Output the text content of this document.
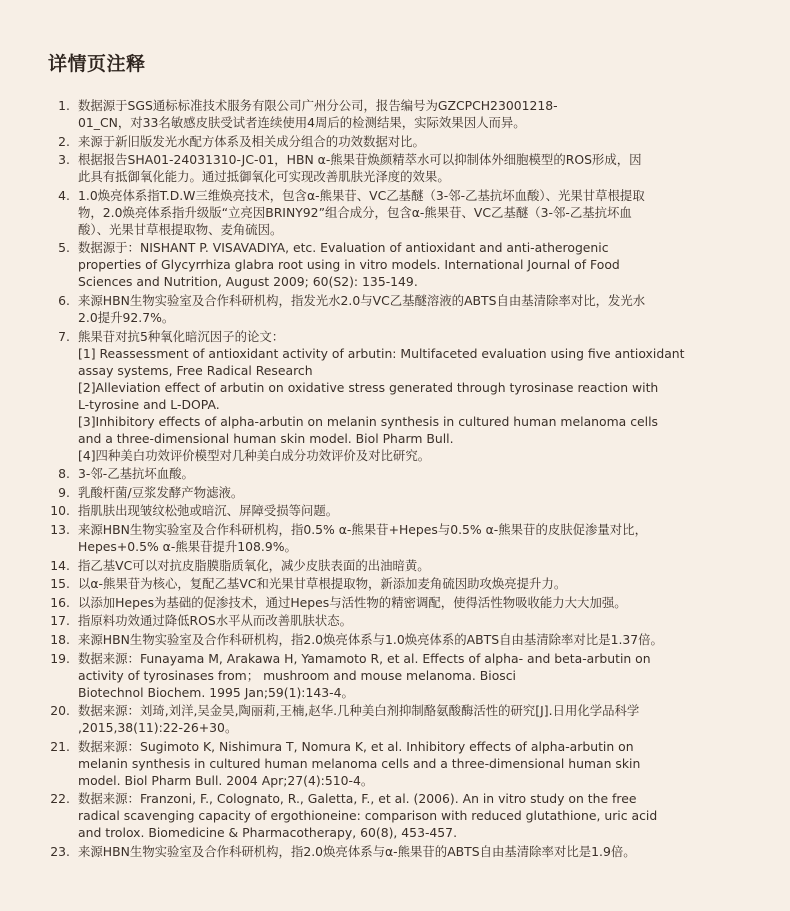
详情页注释
1. 数据源于SGS通标标准技术服务有限公司广州分公司，报告编号为GZCPCH23001218-
01_CN，对33名敏感皮肤受试者连续使用4周后的检测结果，实际效果因人而异。
2. 来源于新旧版发光水配方体系及相关成分组合的功效数据对比。
3. 根据报告SHA01-24031310-JC-01，HBN α-熊果苷焕颜精萃水可以抑制体外细胞模型的ROS形成，因
此具有抵御氧化能力。通过抵御氧化可实现改善肌肤光泽度的效果。
4. 1.0焕亮体系指T.D.W三维焕亮技术，包含α-熊果苷、VC乙基醚（3-邻-乙基抗坏血酸）、光果甘草根提取
物，2.0焕亮体系指升级版“立亮因BRINY92”组合成分，包含α-熊果苷、VC乙基醚（3-邻-乙基抗坏血
酸）、光果甘草根提取物、麦角硫因。
5. 数据源于：NISHANT P. VISAVADIYA, etc. Evaluation of antioxidant and anti-atherogenic
properties of Glycyrrhiza glabra root using in vitro models. International Journal of Food
Sciences and Nutrition, August 2009; 60(S2): 135-149.
6. 来源HBN生物实验室及合作科研机构，指发光水2.0与VC乙基醚溶液的ABTS自由基清除率对比，发光水
2.0提升92.7%。
7. 熊果苷对抗5种氧化暗沉因子的论文：
[1] Reassessment of antioxidant activity of arbutin: Multifaceted evaluation using five antioxidant
assay systems, Free Radical Research
[2]Alleviation effect of arbutin on oxidative stress generated through tyrosinase reaction with
L-tyrosine and L-DOPA.
[3]Inhibitory effects of alpha-arbutin on melanin synthesis in cultured human melanoma cells
and a three-dimensional human skin model. Biol Pharm Bull.
[4]四种美白功效评价模型对几种美白成分功效评价及对比研究。
8. 3-邻-乙基抗坏血酸。
9. 乳酸杆菌/豆浆发酵产物滤液。
10. 指肌肤出现皱纹松弛或暗沉、屏障受损等问题。
13. 来源HBN生物实验室及合作科研机构，指0.5% α-熊果苷+Hepes与0.5% α-熊果苷的皮肤促渗量对比，
Hepes+0.5% α-熊果苷提升108.9%。
14. 指乙基VC可以对抗皮脂膜脂质氧化，减少皮肤表面的出油暗黄。
15. 以α-熊果苷为核心，复配乙基VC和光果甘草根提取物，新添加麦角硫因助攻焕亮提升力。
16. 以添加Hepes为基础的促渗技术，通过Hepes与活性物的精密调配，使得活性物吸收能力大大加强。
17. 指原料功效通过降低ROS水平从而改善肌肤状态。
18. 来源HBN生物实验室及合作科研机构，指2.0焕亮体系与1.0焕亮体系的ABTS自由基清除率对比是1.37倍。
19. 数据来源：Funayama M, Arakawa H, Yamamoto R, et al. Effects of alpha- and beta-arbutin on
activity of tyrosinases from； mushroom and mouse melanoma. Biosci
Biotechnol Biochem. 1995 Jan;59(1):143-4。
20. 数据来源：刘琦,刘洋,吴金昊,陶丽莉,王楠,赵华.几种美白剂抑制酪氨酸酶活性的研究[J].日用化学品科学
,2015,38(11):22-26+30。
21. 数据来源：Sugimoto K, Nishimura T, Nomura K, et al. Inhibitory effects of alpha-arbutin on
melanin synthesis in cultured human melanoma cells and a three-dimensional human skin
model. Biol Pharm Bull. 2004 Apr;27(4):510-4。
22. 数据来源：Franzoni, F., Colognato, R., Galetta, F., et al. (2006). An in vitro study on the free
radical scavenging capacity of ergothioneine: comparison with reduced glutathione, uric acid
and trolox. Biomedicine & Pharmacotherapy, 60(8), 453-457.
23. 来源HBN生物实验室及合作科研机构，指2.0焕亮体系与α-熊果苷的ABTS自由基清除率对比是1.9倍。
